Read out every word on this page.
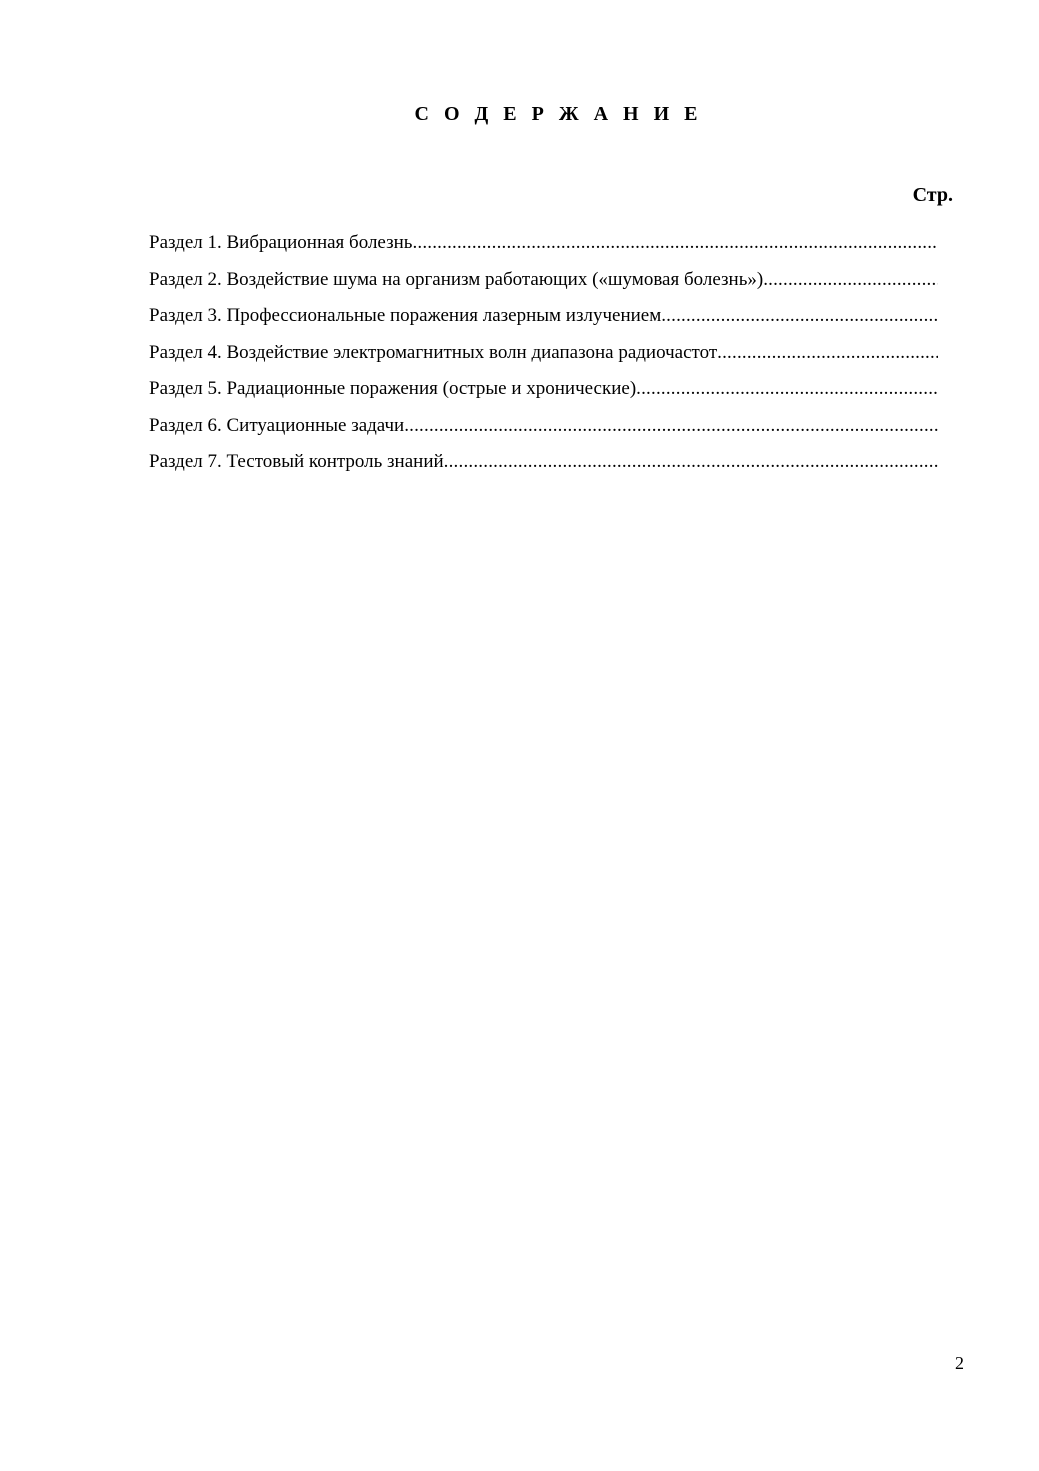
С О Д Е Р Ж А Н И Е
Стр.
Раздел 1. Вибрационная болезнь
.....
Раздел 2. Воздействие шума на организм работающих («шумовая болезнь»)
.....
Раздел 3. Профессиональные поражения лазерным излучением
.....
Раздел 4. Воздействие электромагнитных волн диапазона радиочастот
.....
Раздел 5. Радиационные поражения (острые и хронические)
.....
Раздел 6. Ситуационные задачи
.....
Раздел 7. Тестовый контроль знаний
.....
2
